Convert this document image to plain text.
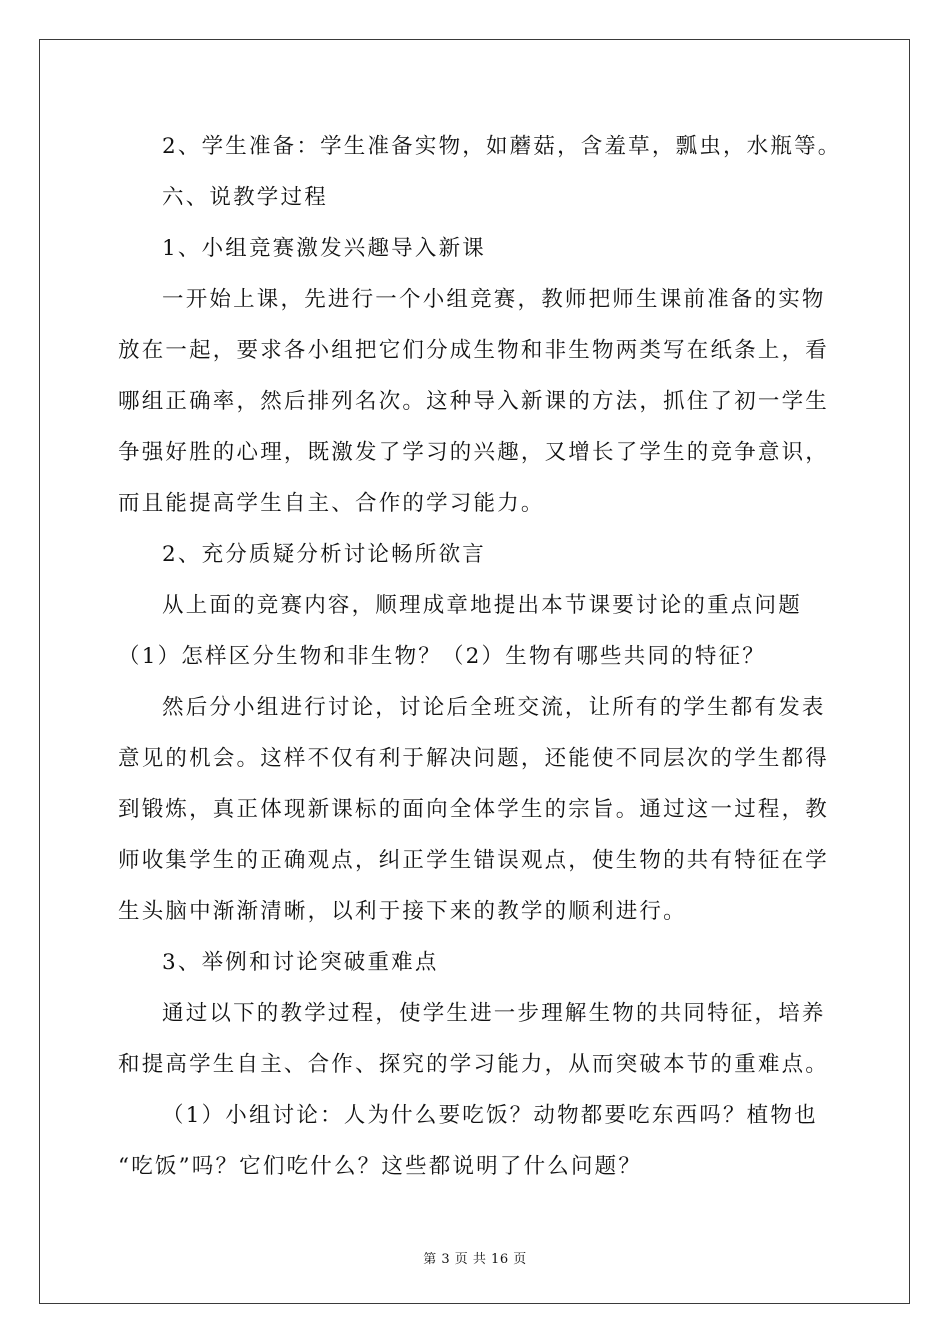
2、学生准备：学生准备实物，如蘑菇，含羞草，瓢虫，水瓶等。
六、说教学过程
1、小组竞赛激发兴趣导入新课
一开始上课，先进行一个小组竞赛，教师把师生课前准备的实物
放在一起，要求各小组把它们分成生物和非生物两类写在纸条上，看
哪组正确率，然后排列名次。这种导入新课的方法，抓住了初一学生
争强好胜的心理，既激发了学习的兴趣，又增长了学生的竞争意识，
而且能提高学生自主、合作的学习能力。
2、充分质疑分析讨论畅所欲言
从上面的竞赛内容，顺理成章地提出本节课要讨论的重点问题
（1）怎样区分生物和非生物？（2）生物有哪些共同的特征？
然后分小组进行讨论，讨论后全班交流，让所有的学生都有发表
意见的机会。这样不仅有利于解决问题，还能使不同层次的学生都得
到锻炼，真正体现新课标的面向全体学生的宗旨。通过这一过程，教
师收集学生的正确观点，纠正学生错误观点，使生物的共有特征在学
生头脑中渐渐清晰，以利于接下来的教学的顺利进行。
3、举例和讨论突破重难点
通过以下的教学过程，使学生进一步理解生物的共同特征，培养
和提高学生自主、合作、探究的学习能力，从而突破本节的重难点。
（1）小组讨论：人为什么要吃饭？动物都要吃东西吗？植物也
“吃饭”吗？它们吃什么？这些都说明了什么问题？
第 3 页 共 16 页
